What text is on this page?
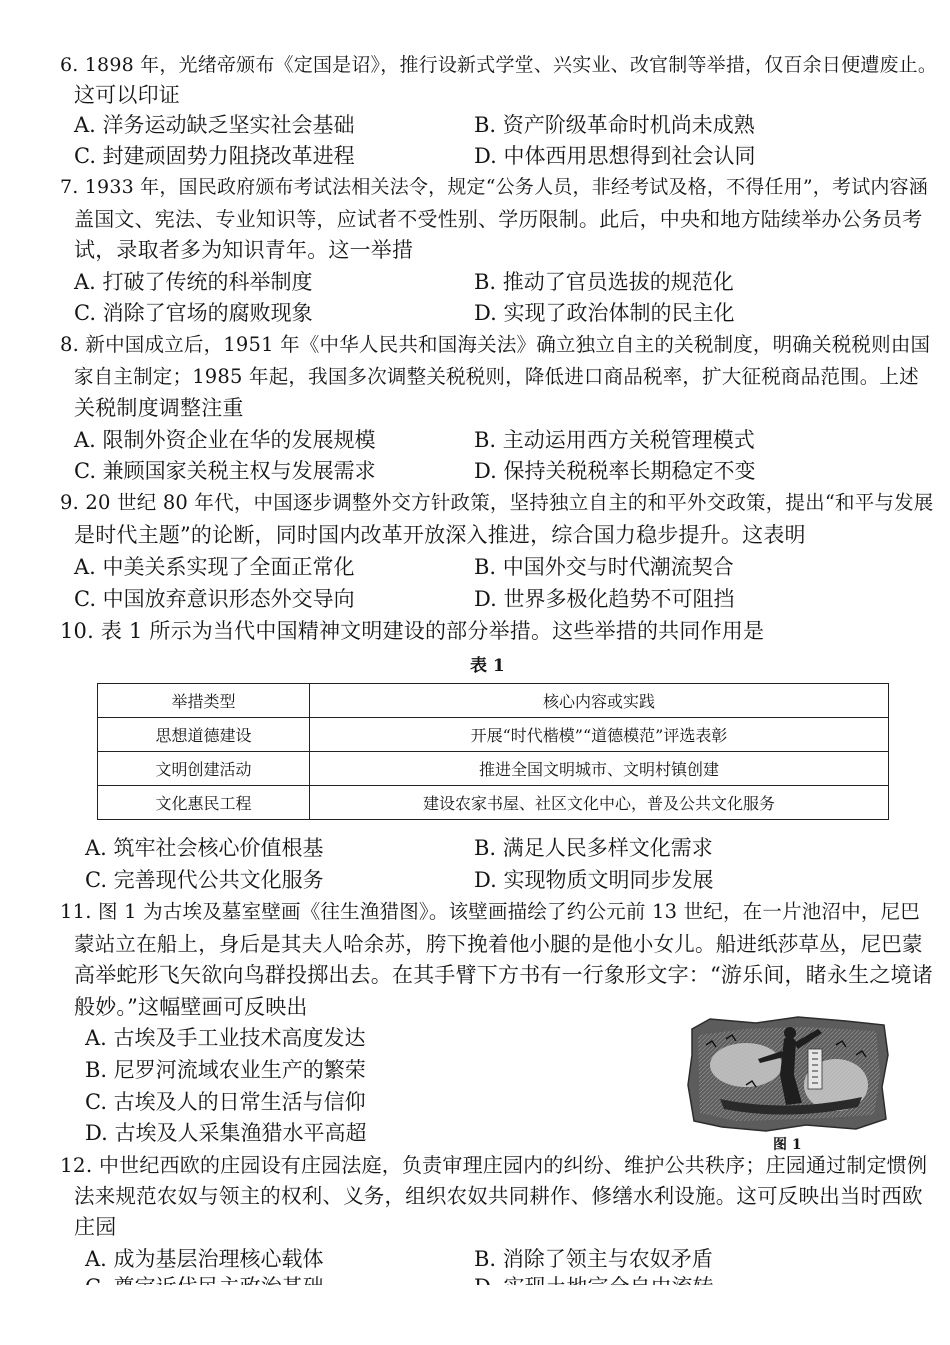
6. 1898 年，光绪帝颁布《定国是诏》，推行设新式学堂、兴实业、改官制等举措，仅百余日便遭废止。
这可以印证
A. 洋务运动缺乏坚实社会基础	B. 资产阶级革命时机尚未成熟
C. 封建顽固势力阻挠改革进程	D. 中体西用思想得到社会认同
7. 1933 年，国民政府颁布考试法相关法令，规定“公务人员，非经考试及格，不得任用”，考试内容涵
盖国文、宪法、专业知识等，应试者不受性别、学历限制。此后，中央和地方陆续举办公务员考
试，录取者多为知识青年。这一举措
A. 打破了传统的科举制度	B. 推动了官员选拔的规范化
C. 消除了官场的腐败现象	D. 实现了政治体制的民主化
8. 新中国成立后，1951 年《中华人民共和国海关法》确立独立自主的关税制度，明确关税税则由国
家自主制定；1985 年起，我国多次调整关税税则，降低进口商品税率，扩大征税商品范围。上述
关税制度调整注重
A. 限制外资企业在华的发展规模	B. 主动运用西方关税管理模式
C. 兼顾国家关税主权与发展需求	D. 保持关税税率长期稳定不变
9. 20 世纪 80 年代，中国逐步调整外交方针政策，坚持独立自主的和平外交政策，提出“和平与发展
是时代主题”的论断，同时国内改革开放深入推进，综合国力稳步提升。这表明
A. 中美关系实现了全面正常化	B. 中国外交与时代潮流契合
C. 中国放弃意识形态外交导向	D. 世界多极化趋势不可阻挡
10. 表 1 所示为当代中国精神文明建设的部分举措。这些举措的共同作用是
表 1
举措类型	核心内容或实践
思想道德建设	开展“时代楷模”“道德模范”评选表彰
文明创建活动	推进全国文明城市、文明村镇创建
文化惠民工程	建设农家书屋、社区文化中心，普及公共文化服务
A. 筑牢社会核心价值根基	B. 满足人民多样文化需求
C. 完善现代公共文化服务	D. 实现物质文明同步发展
11. 图 1 为古埃及墓室壁画《往生渔猎图》。该壁画描绘了约公元前 13 世纪，在一片池沼中，尼巴
蒙站立在船上，身后是其夫人哈余苏，胯下挽着他小腿的是他小女儿。船进纸莎草丛，尼巴蒙
高举蛇形飞矢欲向鸟群投掷出去。在其手臂下方书有一行象形文字：“游乐间，睹永生之境诸
般妙。”这幅壁画可反映出
A. 古埃及手工业技术高度发达
B. 尼罗河流域农业生产的繁荣
C. 古埃及人的日常生活与信仰
D. 古埃及人采集渔猎水平高超	图 1
12. 中世纪西欧的庄园设有庄园法庭，负责审理庄园内的纠纷、维护公共秩序；庄园通过制定惯例
法来规范农奴与领主的权利、义务，组织农奴共同耕作、修缮水利设施。这可反映出当时西欧
庄园
A. 成为基层治理核心载体	B. 消除了领主与农奴矛盾
